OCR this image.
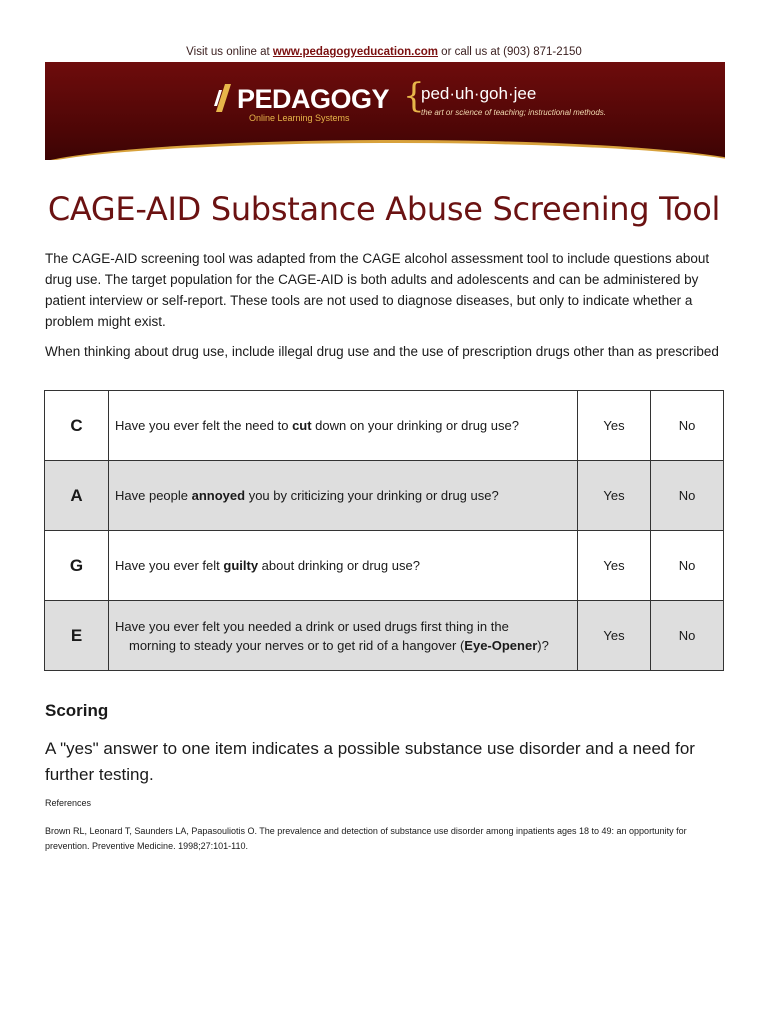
Visit us online at www.pedagogyeducation.com or call us at (903) 871-2150
PEDAGOGY
Online Learning Systems
{
ped·uh·goh·jee
the art or science of teaching; instructional methods.
CAGE-AID Substance Abuse Screening Tool

The CAGE-AID screening tool was adapted from the CAGE alcohol assessment tool to include questions about drug use. The target population for the CAGE-AID is both adults and adolescents and can be administered by patient interview or self-report. These tools are not used to diagnose diseases, but only to indicate whether a problem might exist.

When thinking about drug use, include illegal drug use and the use of prescription drugs other than as prescribed

C	Have you ever felt the need to cut down on your drinking or drug use?	Yes	No
A	Have people annoyed you by criticizing your drinking or drug use?	Yes	No
G	Have you ever felt guilty about drinking or drug use?	Yes	No
E	Have you ever felt you needed a drink or used drugs first thing in the
morning to steady your nerves or to get rid of a hangover (Eye-Opener)?	Yes	No
Scoring

A "yes" answer to one item indicates a possible substance use disorder and a need for further testing.

References

Brown RL, Leonard T, Saunders LA, Papasouliotis O. The prevalence and detection of substance use disorder among inpatients ages 18 to 49: an opportunity for prevention. Preventive Medicine. 1998;27:101-110.
